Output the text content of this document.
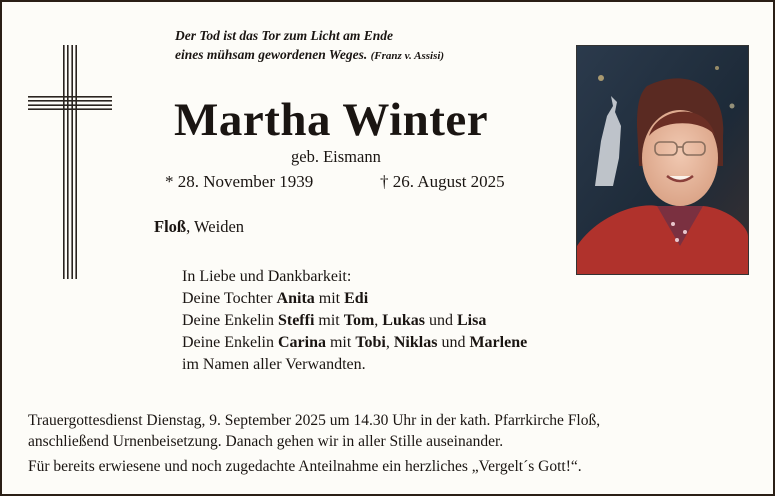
Der Tod ist das Tor zum Licht am Ende
eines mühsam gewordenen Weges. (Franz v. Assisi)
Martha Winter
geb. Eismann
* 28. November 1939	† 26. August 2025
Floß, Weiden
In Liebe und Dankbarkeit:
Deine Tochter Anita mit Edi
Deine Enkelin Steffi mit Tom, Lukas und Lisa
Deine Enkelin Carina mit Tobi, Niklas und Marlene
im Namen aller Verwandten.
Trauergottesdienst Dienstag, 9. September 2025 um 14.30 Uhr in der kath. Pfarrkirche Floß,
anschließend Urnenbeisetzung. Danach gehen wir in aller Stille auseinander.
Für bereits erwiesene und noch zugedachte Anteilnahme ein herzliches „Vergelt´s Gott!“.
